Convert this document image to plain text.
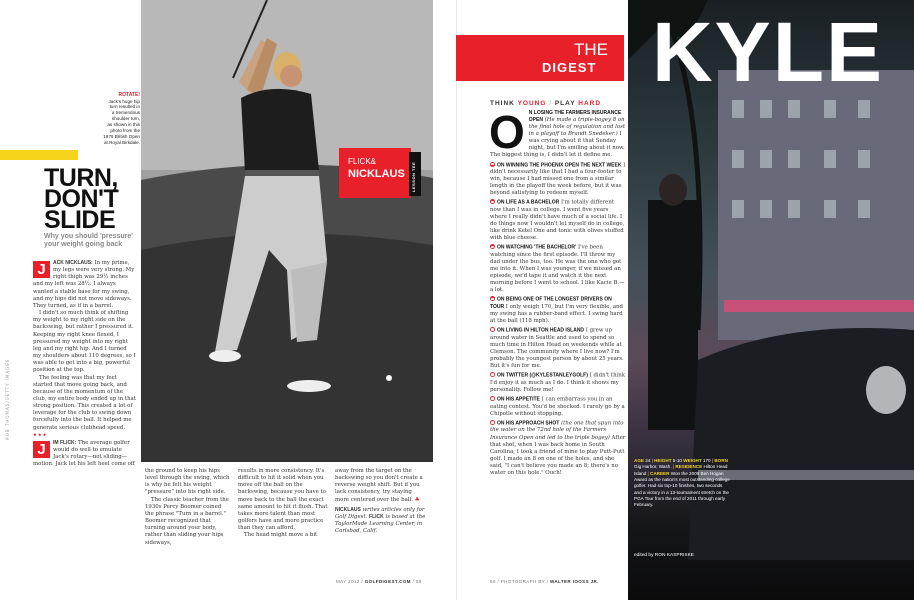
ROB THOMAS/GETTY IMAGES
ROTATE!
Jack's huge hip
turn resulted in
a tremendous
shoulder turn,
as shown in this
photo from the
1976 British Open
at Royal Birkdale.
FLICK&
NICKLAUS LESSON TEE
TURN,
DON'T
SLIDE
Why you should 'pressure'
your weight going back

J	ACK NICKLAUS: In my prime, my legs were very strong. My right thigh was 29½ inches and my left was 28½. I always wanted a stable base for my swing, and my hips did not move sideways. They turned, as if in a barrel.

I didn't so much think of shifting my weight to my right side on the backswing, but rather I pressured it. Keeping my right knee flexed, I pressured my weight into my right leg and my right hip. And I turned my shoulders about 110 degrees, so I was able to get into a big, powerful position at the top.

The feeling was that my feet started that move going back, and because of the momentum of the club, my entire body ended up in that strong position. This created a lot of leverage for the club to swing down forcefully into the ball. It helped me generate serious clubhead speed.

•••

J	IM FLICK: The average golfer would do well to emulate Jack's rotary—not sliding—motion. Jack let his left heel come off

the ground to keep his hips level through the swing, which is why he felt his weight "pressure" into his right side.

The classic teacher from the 1930s Percy Boomer coined the phrase "Turn in a barrel." Boomer recognized that turning around your body, rather than sliding your hips sideways,

results in more consistency. It's difficult to hit it solid when you move off the ball on the backswing, because you have to move back to the ball the exact same amount to hit it flush. That takes more talent than most golfers have and more practice than they can afford.

The head might move a bit

away from the target on the backswing so you don't create a reverse weight shift. But if you lack consistency, try staying more centered over the ball. ♣

NICKLAUS writes articles only for Golf Digest. FLICK is based at the TaylorMade Learning Center, in Carlsbad, Calif.

MAY 2012 / GOLFDIGEST.COM / 59
THE
DIGEST
THINK YOUNG / PLAY HARD
O N LOSING THE FARMERS INSURANCE OPEN (He made a triple-bogey 8 on the final hole of regulation and lost in a playoff to Brandt Snedeker.) I was crying about it that Sunday night, but I'm smiling about it now. The biggest thing is, I didn't let it define me.
ON WINNING THE PHOENIX OPEN THE NEXT WEEK I didn't necessarily like that I had a four-footer to win, because I had missed one from a similar length in the playoff the week before, but it was beyond satisfying to redeem myself.
ON LIFE AS A BACHELOR I'm totally different now than I was in college. I went five years where I really didn't have much of a social life. I do things now I wouldn't let myself do in college, like drink Ketel One and tonic with olives stuffed with blue cheese.
ON WATCHING 'THE BACHELOR' I've been watching since the first episode. I'll throw my dad under the bus, too. He was the one who got me into it. When I was younger, if we missed an episode, we'd tape it and watch it the next morning before I went to school. I like Kacie B.—a lot.
ON BEING ONE OF THE LONGEST DRIVERS ON TOUR I only weigh 170, but I'm very flexible, and my swing has a rubber-band effect. I swing hard at the ball (118 mph).
ON LIVING IN HILTON HEAD ISLAND I grew up around water in Seattle and used to spend so much time in Hilton Head on weekends while at Clemson. The community where I live now? I'm probably the youngest person by about 25 years. But it's fun for me.
ON TWITTER (@KYLESTANLEYGOLF) I didn't think I'd enjoy it as much as I do. I think it shows my personality. Follow me!
ON HIS APPETITE I can embarrass you in an eating contest. You'd be shocked. I rarely go by a Chipotle without stopping.
ON HIS APPROACH SHOT (the one that spun into the water on the 72nd hole of the Farmers Insurance Open and led to the triple bogey) After that shot, when I was back home in South Carolina, I took a friend of mine to play Putt-Putt golf. I made an 8 on one of the holes, and she said, "I can't believe you made an 8; there's no water on this hole." Ouch!
60 / PHOTOGRAPH BY / WALTER IOOSS JR.
KYLE
AGE 24 | HEIGHT 5-10 WEIGHT 170 | BORN Gig Harbor, Wash. | RESIDENCE Hilton Head Island | CAREER Won the 2009 Ben Hogan Award as the nation's most outstanding college golfer. Had six top-10 finishes, two seconds and a victory in a 13-tournament stretch on the PGA Tour from the end of 2011 through early February.
edited by RON KASPRISKE
